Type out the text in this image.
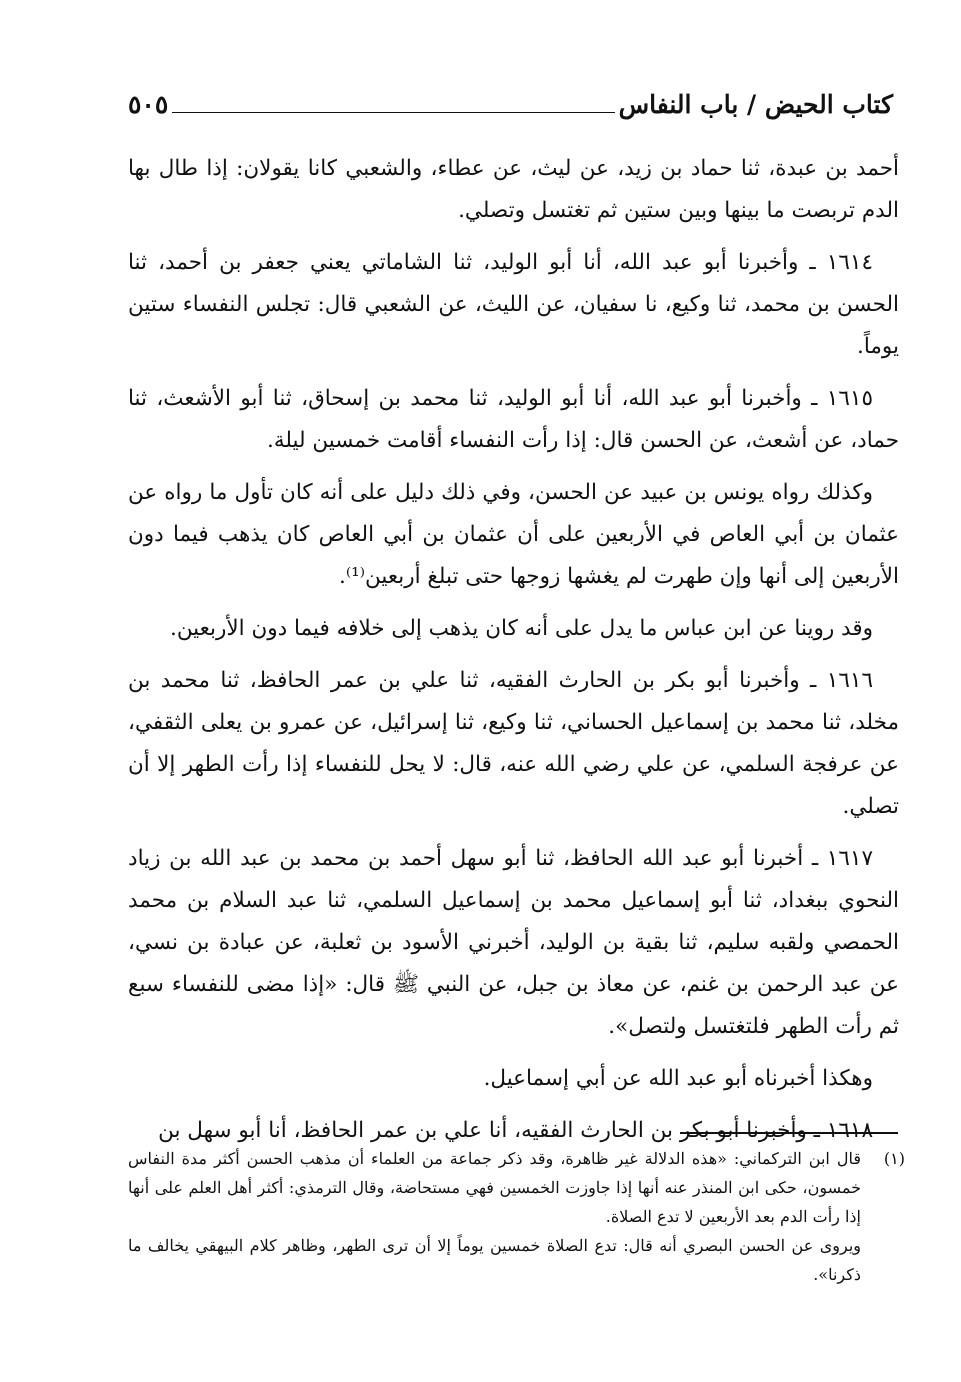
كتاب الحيض / باب النفاس
٥٠٥

أحمد بن عبدة، ثنا حماد بن زيد، عن ليث، عن عطاء، والشعبي كانا يقولان: إذا طال بها الدم تربصت ما بينها وبين ستين ثم تغتسل وتصلي.

١٦١٤ ـ وأخبرنا أبو عبد الله، أنا أبو الوليد، ثنا الشاماتي يعني جعفر بن أحمد، ثنا الحسن بن محمد، ثنا وكيع، نا سفيان، عن الليث، عن الشعبي قال: تجلس النفساء ستين يوماً.

١٦١٥ ـ وأخبرنا أبو عبد الله، أنا أبو الوليد، ثنا محمد بن إسحاق، ثنا أبو الأشعث، ثنا حماد، عن أشعث، عن الحسن قال: إذا رأت النفساء أقامت خمسين ليلة.

وكذلك رواه يونس بن عبيد عن الحسن، وفي ذلك دليل على أنه كان تأول ما رواه عن عثمان بن أبي العاص في الأربعين على أن عثمان بن أبي العاص كان يذهب فيما دون الأربعين إلى أنها وإن طهرت لم يغشها زوجها حتى تبلغ أربعين⁽¹⁾.

وقد روينا عن ابن عباس ما يدل على أنه كان يذهب إلى خلافه فيما دون الأربعين.

١٦١٦ ـ وأخبرنا أبو بكر بن الحارث الفقيه، ثنا علي بن عمر الحافظ، ثنا محمد بن مخلد، ثنا محمد بن إسماعيل الحساني، ثنا وكيع، ثنا إسرائيل، عن عمرو بن يعلى الثقفي، عن عرفجة السلمي، عن علي رضي الله عنه، قال: لا يحل للنفساء إذا رأت الطهر إلا أن تصلي.

١٦١٧ ـ أخبرنا أبو عبد الله الحافظ، ثنا أبو سهل أحمد بن محمد بن عبد الله بن زياد النحوي ببغداد، ثنا أبو إسماعيل محمد بن إسماعيل السلمي، ثنا عبد السلام بن محمد الحمصي ولقبه سليم، ثنا بقية بن الوليد، أخبرني الأسود بن ثعلبة، عن عبادة بن نسي، عن عبد الرحمن بن غنم، عن معاذ بن جبل، عن النبي ﷺ قال: «إذا مضى للنفساء سبع ثم رأت الطهر فلتغتسل ولتصل».

وهكذا أخبرناه أبو عبد الله عن أبي إسماعيل.

١٦١٨ ـ وأخبرنا أبو بكر بن الحارث الفقيه، أنا علي بن عمر الحافظ، أنا أبو سهل بن

(١)

قال ابن التركماني: «هذه الدلالة غير ظاهرة، وقد ذكر جماعة من العلماء أن مذهب الحسن أكثر مدة النفاس خمسون، حكى ابن المنذر عنه أنها إذا جاوزت الخمسين فهي مستحاضة، وقال الترمذي: أكثر أهل العلم على أنها إذا رأت الدم بعد الأربعين لا تدع الصلاة.

ويروى عن الحسن البصري أنه قال: تدع الصلاة خمسين يوماً إلا أن ترى الطهر، وظاهر كلام البيهقي يخالف ما ذكرنا».
